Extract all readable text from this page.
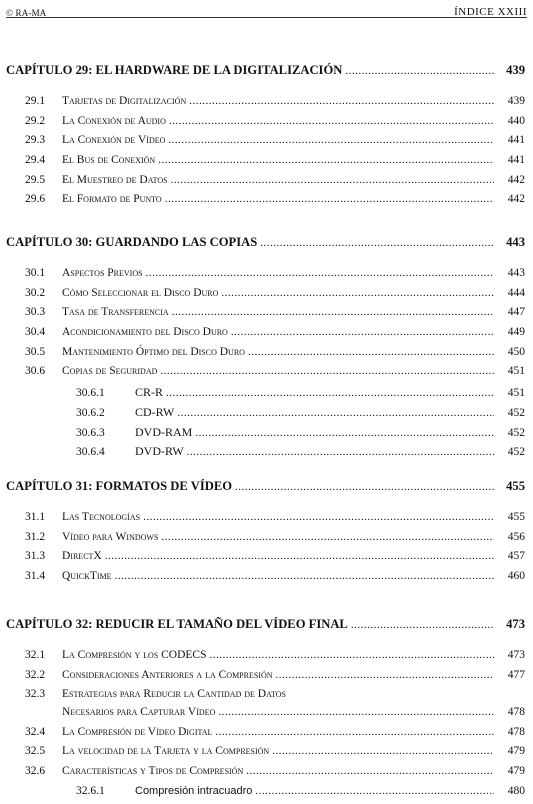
© RA-MA	ÍNDICE XXIII
CAPÍTULO 29: EL HARDWARE DE LA DIGITALIZACIÓN .....	439
29.1	Tarjetas de Digitalización .....	439
29.2	La Conexión de Audio .....	440
29.3	La Conexión de Vídeo .....	441
29.4	El Bus de Conexión .....	441
29.5	El Muestreo de Datos .....	442
29.6	El Formato de Punto .....	442
CAPÍTULO 30: GUARDANDO LAS COPIAS .....	443
30.1	Aspectos Previos .....	443
30.2	Cómo Seleccionar el Disco Duro .....	444
30.3	Tasa de Transferencia .....	447
30.4	Acondicionamiento del Disco Duro .....	449
30.5	Mantenimiento Óptimo del Disco Duro .....	450
30.6	Copias de Seguridad .....	451
30.6.1	CR-R .....	451
30.6.2	CD-RW .....	452
30.6.3	DVD-RAM .....	452
30.6.4	DVD-RW .....	452
CAPÍTULO 31: FORMATOS DE VÍDEO .....	455
31.1	Las Tecnologías .....	455
31.2	Vídeo para Windows .....	456
31.3	DirectX .....	457
31.4	QuickTime .....	460
CAPÍTULO 32: REDUCIR EL TAMAÑO DEL VÍDEO FINAL .....	473
32.1	La Compresión y los CODECS .....	473
32.2	Consideraciones Anteriores a la Compresión .....	477
32.3	Estrategias para Reducir la Cantidad de Datos
Necesarios para Capturar Vídeo .....	478
32.4	La Compresión de Vídeo Digital .....	478
32.5	La velocidad de la Tarjeta y la Compresión .....	479
32.6	Características y Tipos de Compresión .....	479
32.6.1	Compresión intracuadro .....	480
